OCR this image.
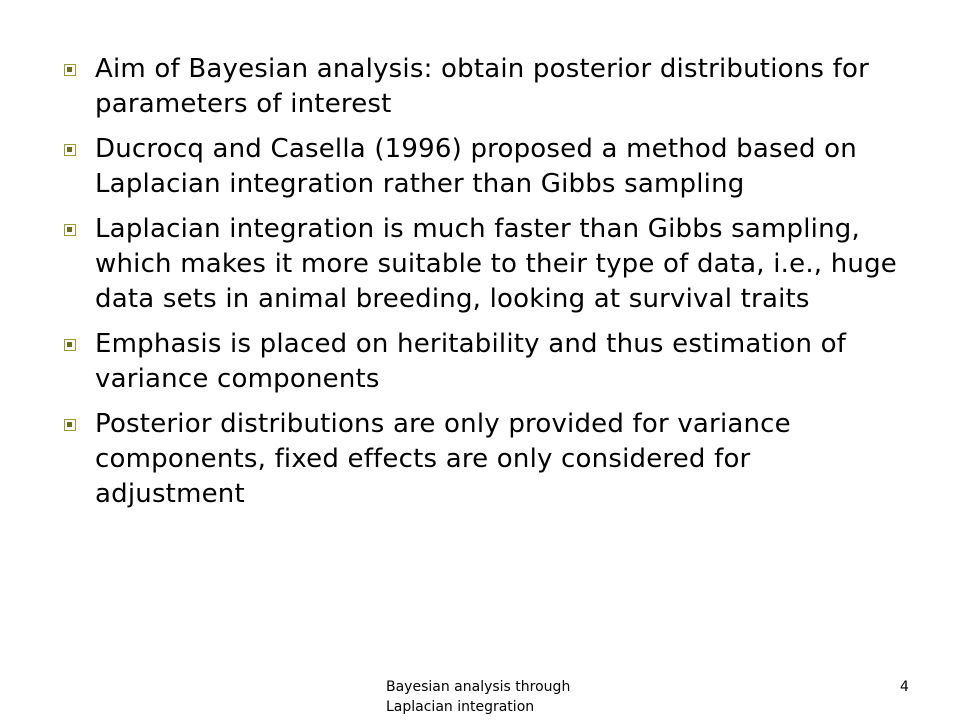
Aim of Bayesian analysis: obtain posterior distributions for parameters of interest
Ducrocq and Casella (1996) proposed a method based on Laplacian integration rather than Gibbs sampling
Laplacian integration is much faster than Gibbs sampling, which makes it more suitable to their type of data, i.e., huge data sets in animal breeding, looking at survival traits
Emphasis is placed on heritability and thus estimation of variance components
Posterior distributions are only provided for variance components, fixed effects are only considered for adjustment
Bayesian analysis through
Laplacian integration
4
